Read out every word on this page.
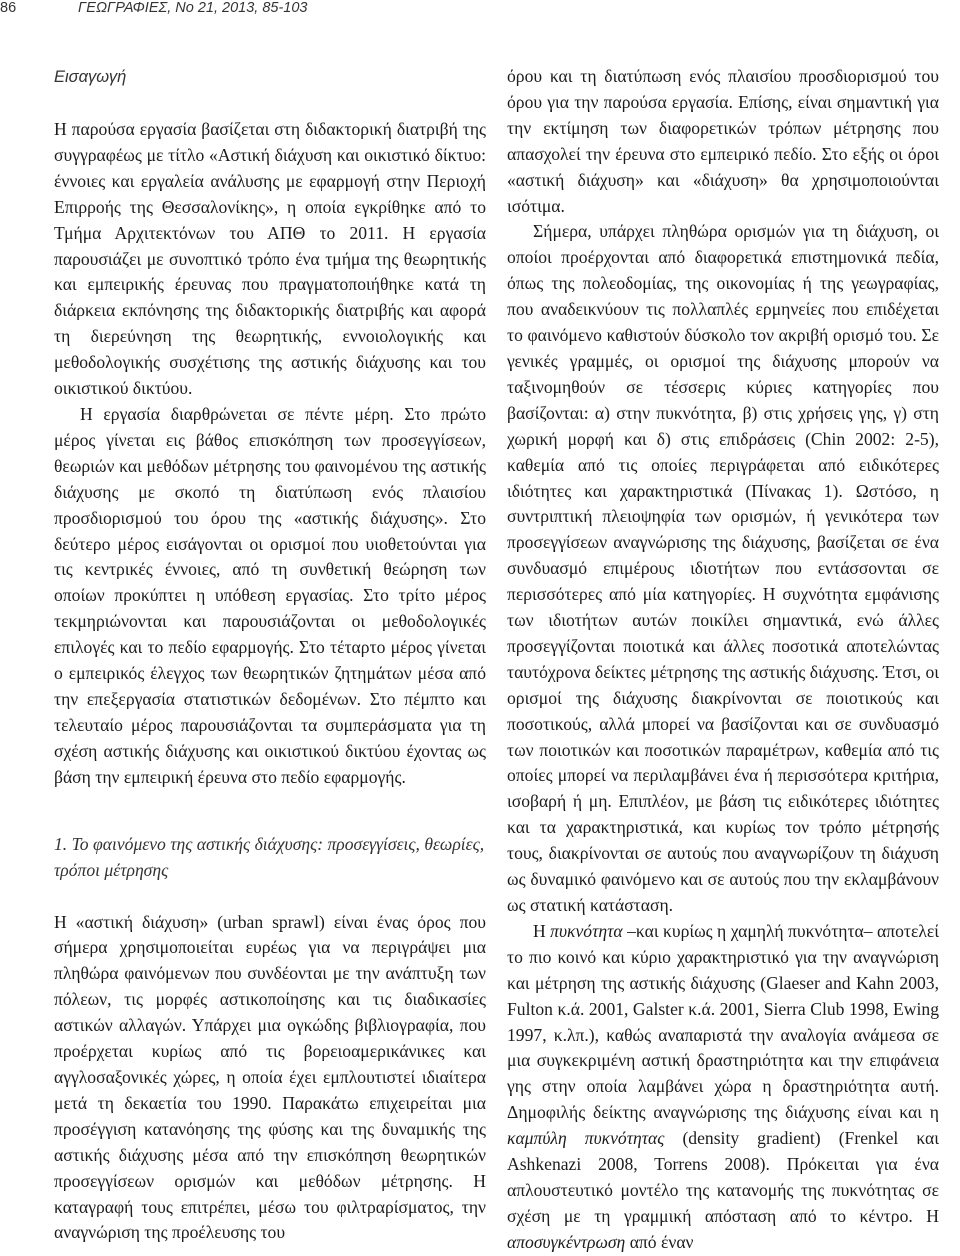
86	ΓΕΩΓΡΑΦΙΕΣ, Νο 21, 2013, 85-103
Εισαγωγή

Η παρούσα εργασία βασίζεται στη διδακτορική διατριβή της συγγραφέως με τίτλο «Αστική διάχυση και οικιστικό δίκτυο: έννοιες και εργαλεία ανάλυσης με εφαρμογή στην Περιοχή Επιρροής της Θεσσαλονίκης», η οποία εγκρίθηκε από το Τμήμα Αρχιτεκτόνων του ΑΠΘ το 2011. Η εργασία παρουσιάζει με συνοπτικό τρόπο ένα τμήμα της θεωρητικής και εμπειρικής έρευνας που πραγματοποιήθηκε κατά τη διάρκεια εκπόνησης της διδακτορικής διατριβής και αφορά τη διερεύνηση της θεωρητικής, εννοιολογικής και μεθοδολογικής συσχέτισης της αστικής διάχυσης και του οικιστικού δικτύου.

Η εργασία διαρθρώνεται σε πέντε μέρη. Στο πρώτο μέρος γίνεται εις βάθος επισκόπηση των προσεγγίσεων, θεωριών και μεθόδων μέτρησης του φαινομένου της αστικής διάχυσης με σκοπό τη διατύπωση ενός πλαισίου προσδιορισμού του όρου της «αστικής διάχυσης». Στο δεύτερο μέρος εισάγονται οι ορισμοί που υιοθετούνται για τις κεντρικές έννοιες, από τη συνθετική θεώρηση των οποίων προκύπτει η υπόθεση εργασίας. Στο τρίτο μέρος τεκμηριώνονται και παρουσιάζονται οι μεθοδολογικές επιλογές και το πεδίο εφαρμογής. Στο τέταρτο μέρος γίνεται ο εμπειρικός έλεγχος των θεωρητικών ζητημάτων μέσα από την επεξεργασία στατιστικών δεδομένων. Στο πέμπτο και τελευταίο μέρος παρουσιάζονται τα συμπεράσματα για τη σχέση αστικής διάχυσης και οικιστικού δικτύου έχοντας ως βάση την εμπειρική έρευνα στο πεδίο εφαρμογής.

1. Το φαινόμενο της αστικής διάχυσης: προσεγγίσεις, θεωρίες, τρόποι μέτρησης

Η «αστική διάχυση» (urban sprawl) είναι ένας όρος που σήμερα χρησιμοποιείται ευρέως για να περιγράψει μια πληθώρα φαινόμενων που συνδέονται με την ανάπτυξη των πόλεων, τις μορφές αστικοποίησης και τις διαδικασίες αστικών αλλαγών. Υπάρχει μια ογκώδης βιβλιογραφία, που προέρχεται κυρίως από τις βορειοαμερικάνικες και αγγλοσαξονικές χώρες, η οποία έχει εμπλουτιστεί ιδιαίτερα μετά τη δεκαετία του 1990. Παρακάτω επιχειρείται μια προσέγγιση κατανόησης της φύσης και της δυναμικής της αστικής διάχυσης μέσα από την επισκόπηση θεωρητικών προσεγγίσεων ορισμών και μεθόδων μέτρησης. Η καταγραφή τους επιτρέπει, μέσω του φιλτραρίσματος, την αναγνώριση της προέλευσης του

όρου και τη διατύπωση ενός πλαισίου προσδιορισμού του όρου για την παρούσα εργασία. Επίσης, είναι σημαντική για την εκτίμηση των διαφορετικών τρόπων μέτρησης που απασχολεί την έρευνα στο εμπειρικό πεδίο. Στο εξής οι όροι «αστική διάχυση» και «διάχυση» θα χρησιμοποιούνται ισότιμα.

Σήμερα, υπάρχει πληθώρα ορισμών για τη διάχυση, οι οποίοι προέρχονται από διαφορετικά επιστημονικά πεδία, όπως της πολεοδομίας, της οικονομίας ή της γεωγραφίας, που αναδεικνύουν τις πολλαπλές ερμηνείες που επιδέχεται το φαινόμενο καθιστούν δύσκολο τον ακριβή ορισμό του. Σε γενικές γραμμές, οι ορισμοί της διάχυσης μπορούν να ταξινομηθούν σε τέσσερις κύριες κατηγορίες που βασίζονται: α) στην πυκνότητα, β) στις χρήσεις γης, γ) στη χωρική μορφή και δ) στις επιδράσεις (Chin 2002: 2-5), καθεμία από τις οποίες περιγράφεται από ειδικότερες ιδιότητες και χαρακτηριστικά (Πίνακας 1). Ωστόσο, η συντριπτική πλειοψηφία των ορισμών, ή γενικότερα των προσεγγίσεων αναγνώρισης της διάχυσης, βασίζεται σε ένα συνδυασμό επιμέρους ιδιοτήτων που εντάσσονται σε περισσότερες από μία κατηγορίες. Η συχνότητα εμφάνισης των ιδιοτήτων αυτών ποικίλει σημαντικά, ενώ άλλες προσεγγίζονται ποιοτικά και άλλες ποσοτικά αποτελώντας ταυτόχρονα δείκτες μέτρησης της αστικής διάχυσης. Έτσι, οι ορισμοί της διάχυσης διακρίνονται σε ποιοτικούς και ποσοτικούς, αλλά μπορεί να βασίζονται και σε συνδυασμό των ποιοτικών και ποσοτικών παραμέτρων, καθεμία από τις οποίες μπορεί να περιλαμβάνει ένα ή περισσότερα κριτήρια, ισοβαρή ή μη. Επιπλέον, με βάση τις ειδικότερες ιδιότητες και τα χαρακτηριστικά, και κυρίως τον τρόπο μέτρησής τους, διακρίνονται σε αυτούς που αναγνωρίζουν τη διάχυση ως δυναμικό φαινόμενο και σε αυτούς που την εκλαμβάνουν ως στατική κατάσταση.

Η πυκνότητα –και κυρίως η χαμηλή πυκνότητα– αποτελεί το πιο κοινό και κύριο χαρακτηριστικό για την αναγνώριση και μέτρηση της αστικής διάχυσης (Glaeser and Kahn 2003, Fulton κ.ά. 2001, Galster κ.ά. 2001, Sierra Club 1998, Ewing 1997, κ.λπ.), καθώς αναπαριστά την αναλογία ανάμεσα σε μια συγκεκριμένη αστική δραστηριότητα και την επιφάνεια γης στην οποία λαμβάνει χώρα η δραστηριότητα αυτή. Δημοφιλής δείκτης αναγνώρισης της διάχυσης είναι και η καμπύλη πυκνότητας (density gradient) (Frenkel και Ashkenazi 2008, Torrens 2008). Πρόκειται για ένα απλουστευτικό μοντέλο της κατανομής της πυκνότητας σε σχέση με τη γραμμική απόσταση από το κέντρο. Η αποσυγκέντρωση από έναν
